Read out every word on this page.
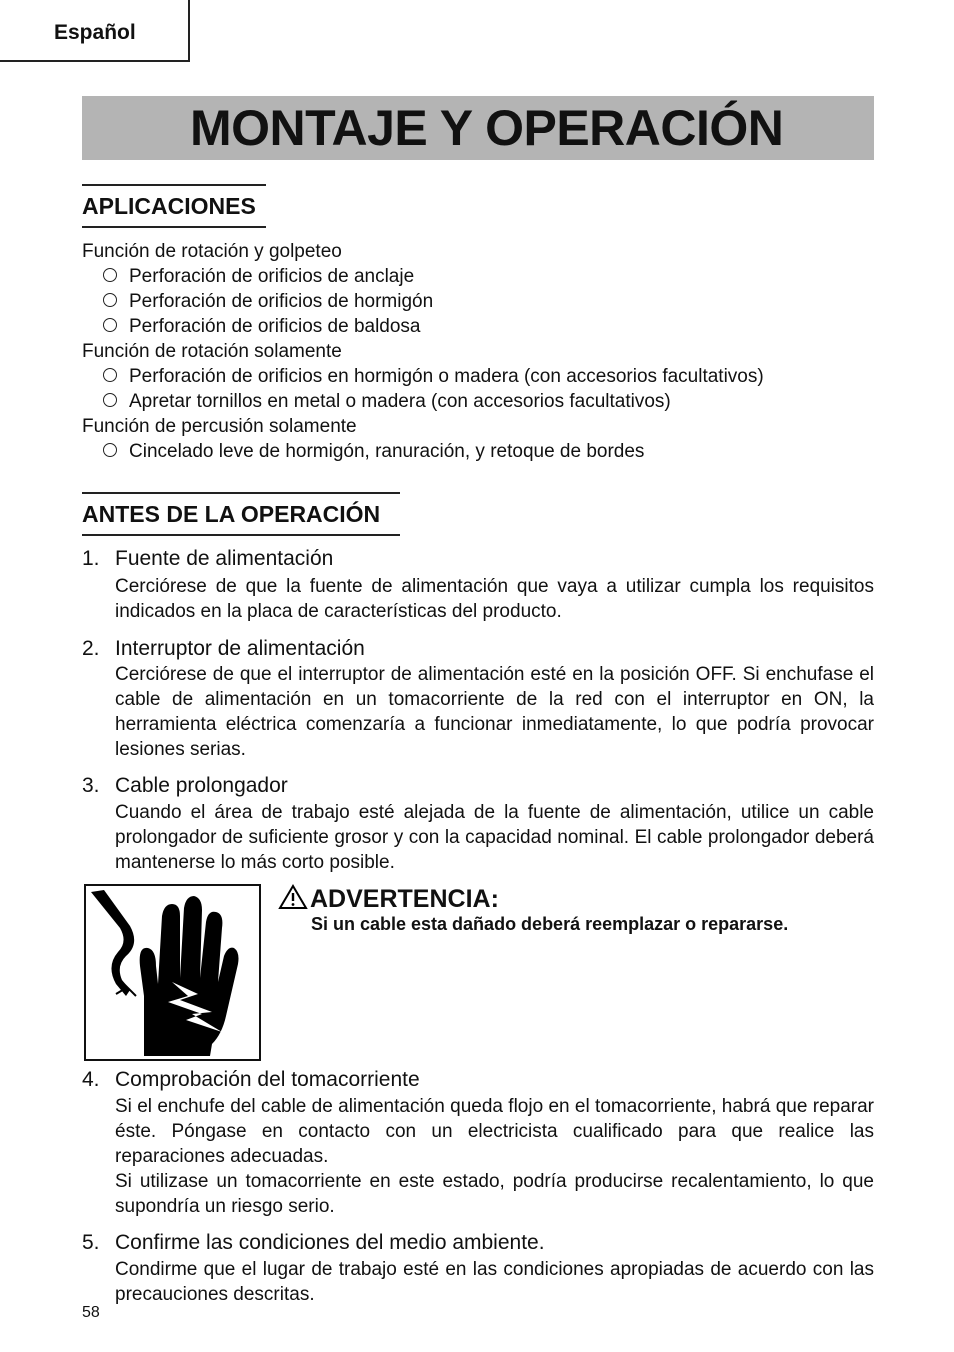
Español
MONTAJE Y OPERACIÓN
APLICACIONES
Función de rotación y golpeteo
Perforación de orificios de anclaje
Perforación de orificios de hormigón
Perforación de orificios de baldosa
Función de rotación solamente
Perforación de orificios en hormigón o madera (con accesorios facultativos)
Apretar tornillos en metal o madera (con accesorios facultativos)
Función de percusión solamente
Cincelado leve de hormigón, ranuración, y retoque de bordes
ANTES DE LA OPERACIÓN
1. Fuente de alimentación
Cerciórese de que la fuente de alimentación que vaya a utilizar cumpla los requisitos indicados en la placa de características del producto.
2. Interruptor de alimentación
Cerciórese de que el interruptor de alimentación esté en la posición OFF. Si enchufase el cable de alimentación en un tomacorriente de la red con el interruptor en ON, la herramienta eléctrica comenzaría a funcionar inmediatamente, lo que podría provocar lesiones serias.
3. Cable prolongador
Cuando el área de trabajo esté alejada de la fuente de alimentación, utilice un cable prolongador de suficiente grosor y con la capacidad nominal. El cable prolongador deberá mantenerse lo más corto posible.
ADVERTENCIA:
Si un cable esta dañado deberá reemplazar o repararse.
4. Comprobación del tomacorriente
Si el enchufe del cable de alimentación queda flojo en el tomacorriente, habrá que reparar éste. Póngase en contacto con un electricista cualificado para que realice las reparaciones adecuadas.
Si utilizase un tomacorriente en este estado, podría producirse recalentamiento, lo que supondría un riesgo serio.
5. Confirme las condiciones del medio ambiente.
Condirme que el lugar de trabajo esté en las condiciones apropiadas de acuerdo con las precauciones descritas.
58
